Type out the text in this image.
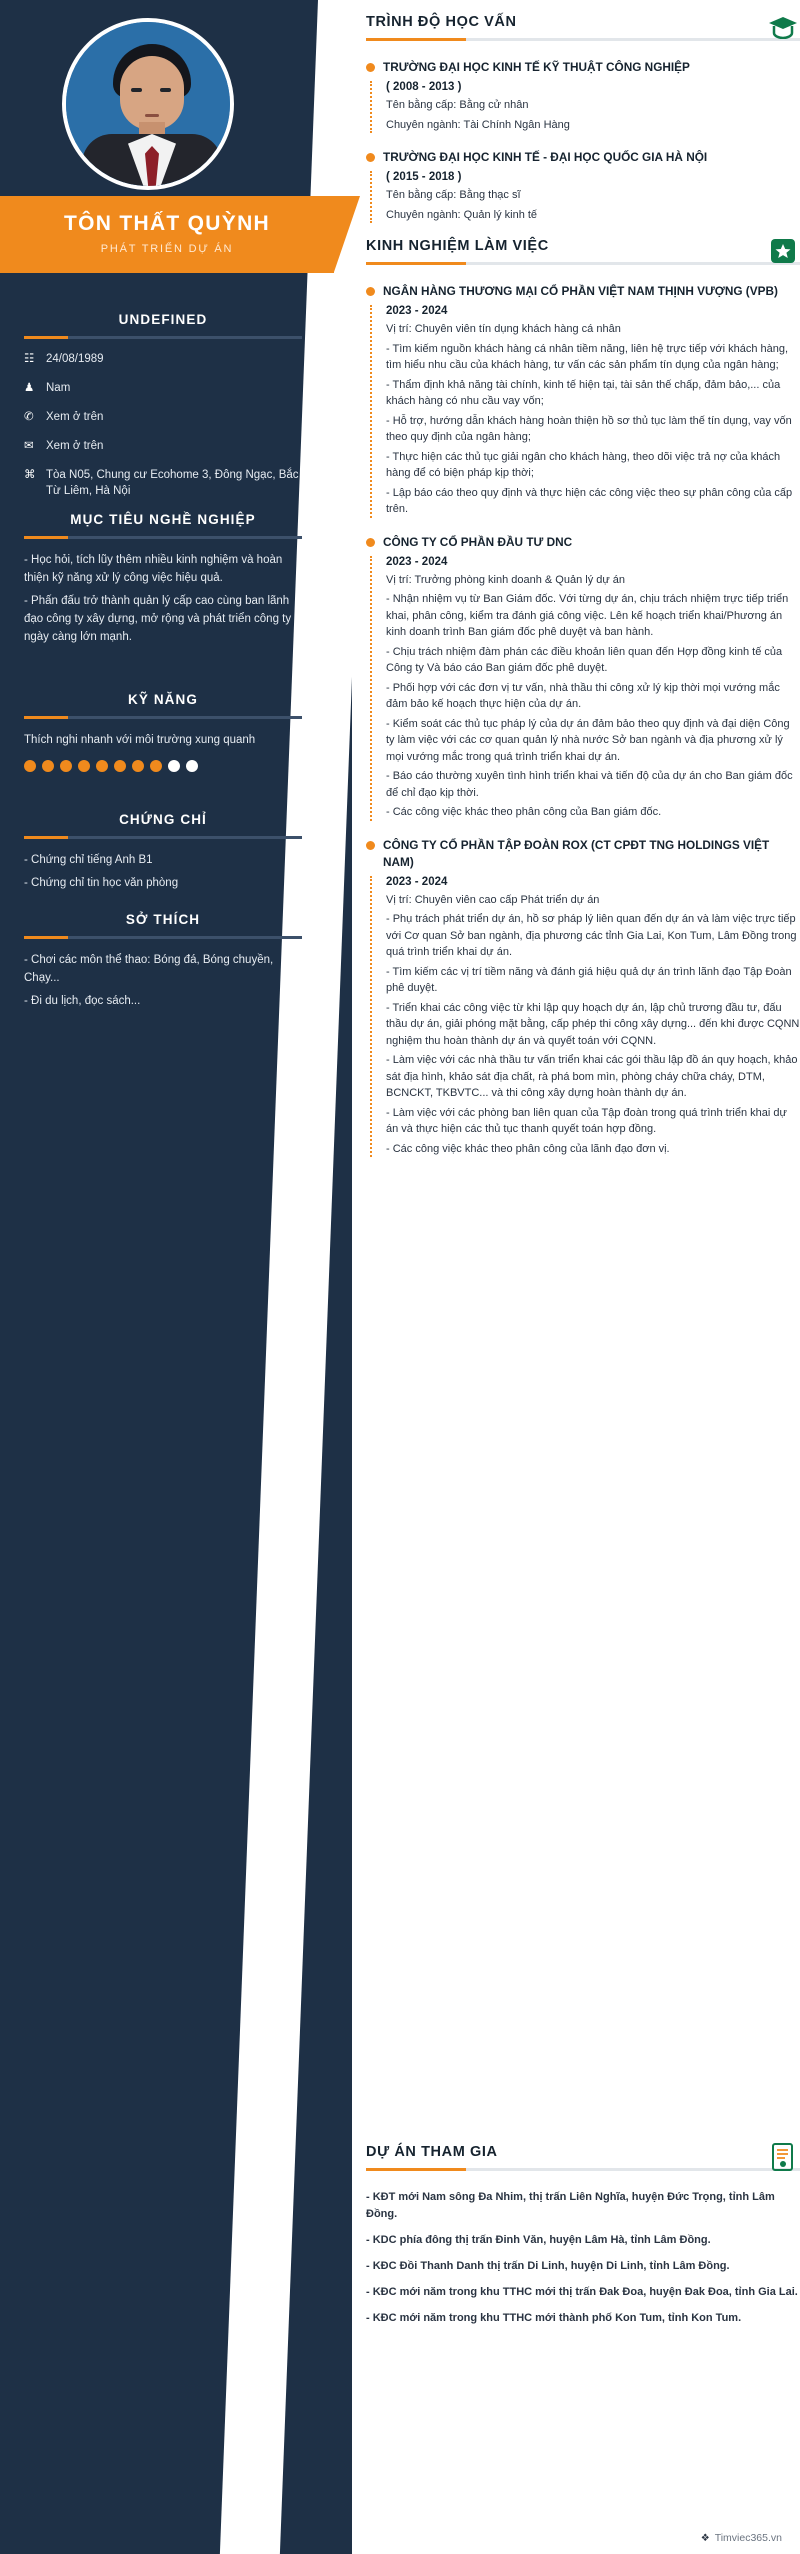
TÔN THẤT QUỲNH
PHÁT TRIỂN DỰ ÁN
UNDEFINED
☷	24/08/1989
♟	Nam
✆	Xem ở trên
✉	Xem ở trên
⌘ Tòa N05, Chung cư Ecohome 3, Đông Ngạc, Bắc Từ Liêm, Hà Nội
MỤC TIÊU NGHỀ NGHIỆP

- Học hỏi, tích lũy thêm nhiều kinh nghiệm và hoàn thiện kỹ năng xử lý công việc hiệu quả.

- Phấn đấu trở thành quản lý cấp cao cùng ban lãnh đạo công ty xây dựng, mở rộng và phát triển công ty ngày càng lớn mạnh.

KỸ NĂNG
Thích nghi nhanh với môi trường xung quanh
CHỨNG CHỈ

- Chứng chỉ tiếng Anh B1

- Chứng chỉ tin học văn phòng

SỞ THÍCH

- Chơi các môn thể thao: Bóng đá, Bóng chuyền, Chạy...

- Đi du lịch, đọc sách...

TRÌNH ĐỘ HỌC VẤN
TRƯỜNG ĐẠI HỌC KINH TẾ KỸ THUẬT CÔNG NGHIỆP
( 2008 - 2013 )

Tên bằng cấp: Bằng cử nhân

Chuyên ngành: Tài Chính Ngân Hàng

TRƯỜNG ĐẠI HỌC KINH TẾ - ĐẠI HỌC QUỐC GIA HÀ NỘI
( 2015 - 2018 )

Tên bằng cấp: Bằng thạc sĩ

Chuyên ngành: Quản lý kinh tế

KINH NGHIỆM LÀM VIỆC
NGÂN HÀNG THƯƠNG MẠI CỔ PHẦN VIỆT NAM THỊNH VƯỢNG (VPB)
2023 - 2024

Vị trí: Chuyên viên tín dụng khách hàng cá nhân

- Tìm kiếm nguồn khách hàng cá nhân tiềm năng, liên hệ trực tiếp với khách hàng, tìm hiểu nhu cầu của khách hàng, tư vấn các sản phẩm tín dụng của ngân hàng;

- Thẩm định khả năng tài chính, kinh tế hiện tại, tài sản thế chấp, đảm bảo,... của khách hàng có nhu cầu vay vốn;

- Hỗ trợ, hướng dẫn khách hàng hoàn thiện hồ sơ thủ tục làm thế tín dụng, vay vốn theo quy định của ngân hàng;

- Thực hiện các thủ tục giải ngân cho khách hàng, theo dõi việc trả nợ của khách hàng để có biện pháp kịp thời;

- Lập báo cáo theo quy định và thực hiện các công việc theo sự phân công của cấp trên.

CÔNG TY CỔ PHẦN ĐẦU TƯ DNC
2023 - 2024

Vị trí: Trưởng phòng kinh doanh & Quản lý dự án

- Nhận nhiệm vụ từ Ban Giám đốc. Với từng dự án, chịu trách nhiệm trực tiếp triển khai, phân công, kiểm tra đánh giá công việc. Lên kế hoạch triển khai/Phương án kinh doanh trình Ban giám đốc phê duyệt và ban hành.

- Chịu trách nhiệm đàm phán các điều khoản liên quan đến Hợp đồng kinh tế của Công ty Và báo cáo Ban giám đốc phê duyệt.

- Phối hợp với các đơn vị tư vấn, nhà thầu thi công xử lý kịp thời mọi vướng mắc đảm bảo kế hoạch thực hiện của dự án.

- Kiểm soát các thủ tục pháp lý của dự án đảm bảo theo quy định và đại diện Công ty làm việc với các cơ quan quản lý nhà nước Sở ban ngành và địa phương xử lý mọi vướng mắc trong quá trình triển khai dự án.

- Báo cáo thường xuyên tình hình triển khai và tiến độ của dự án cho Ban giám đốc để chỉ đạo kịp thời.

- Các công việc khác theo phân công của Ban giám đốc.

CÔNG TY CỔ PHẦN TẬP ĐOÀN ROX (CT CPĐT TNG HOLDINGS VIỆT NAM)
2023 - 2024

Vị trí: Chuyên viên cao cấp Phát triển dự án

- Phụ trách phát triển dự án, hồ sơ pháp lý liên quan đến dự án và làm việc trực tiếp với Cơ quan Sở ban ngành, địa phương các tỉnh Gia Lai, Kon Tum, Lâm Đồng trong quá trình triển khai dự án.

- Tìm kiếm các vị trí tiềm năng và đánh giá hiệu quả dự án trình lãnh đạo Tập Đoàn phê duyệt.

- Triển khai các công việc từ khi lập quy hoạch dự án, lập chủ trương đầu tư, đấu thầu dự án, giải phóng mặt bằng, cấp phép thi công xây dựng... đến khi được CQNN nghiệm thu hoàn thành dự án và quyết toán với CQNN.

- Làm việc với các nhà thầu tư vấn triển khai các gói thầu lập đồ án quy hoạch, khảo sát địa hình, khảo sát địa chất, rà phá bom mìn, phòng cháy chữa cháy, DTM, BCNCKT, TKBVTC... và thi công xây dựng hoàn thành dự án.

- Làm việc với các phòng ban liên quan của Tập đoàn trong quá trình triển khai dự án và thực hiện các thủ tục thanh quyết toán hợp đồng.

- Các công việc khác theo phân công của lãnh đạo đơn vị.

DỰ ÁN THAM GIA

- KĐT mới Nam sông Đa Nhim, thị trấn Liên Nghĩa, huyện Đức Trọng, tỉnh Lâm Đồng.

- KDC phía đông thị trấn Đinh Văn, huyện Lâm Hà, tỉnh Lâm Đồng.

- KĐC Đồi Thanh Danh thị trấn Di Linh, huyện Di Linh, tỉnh Lâm Đồng.

- KĐC mới năm trong khu TTHC mới thị trấn Đak Đoa, huyện Đak Đoa, tỉnh Gia Lai.

- KĐC mới năm trong khu TTHC mới thành phố Kon Tum, tỉnh Kon Tum.

❖ Timviec365.vn
